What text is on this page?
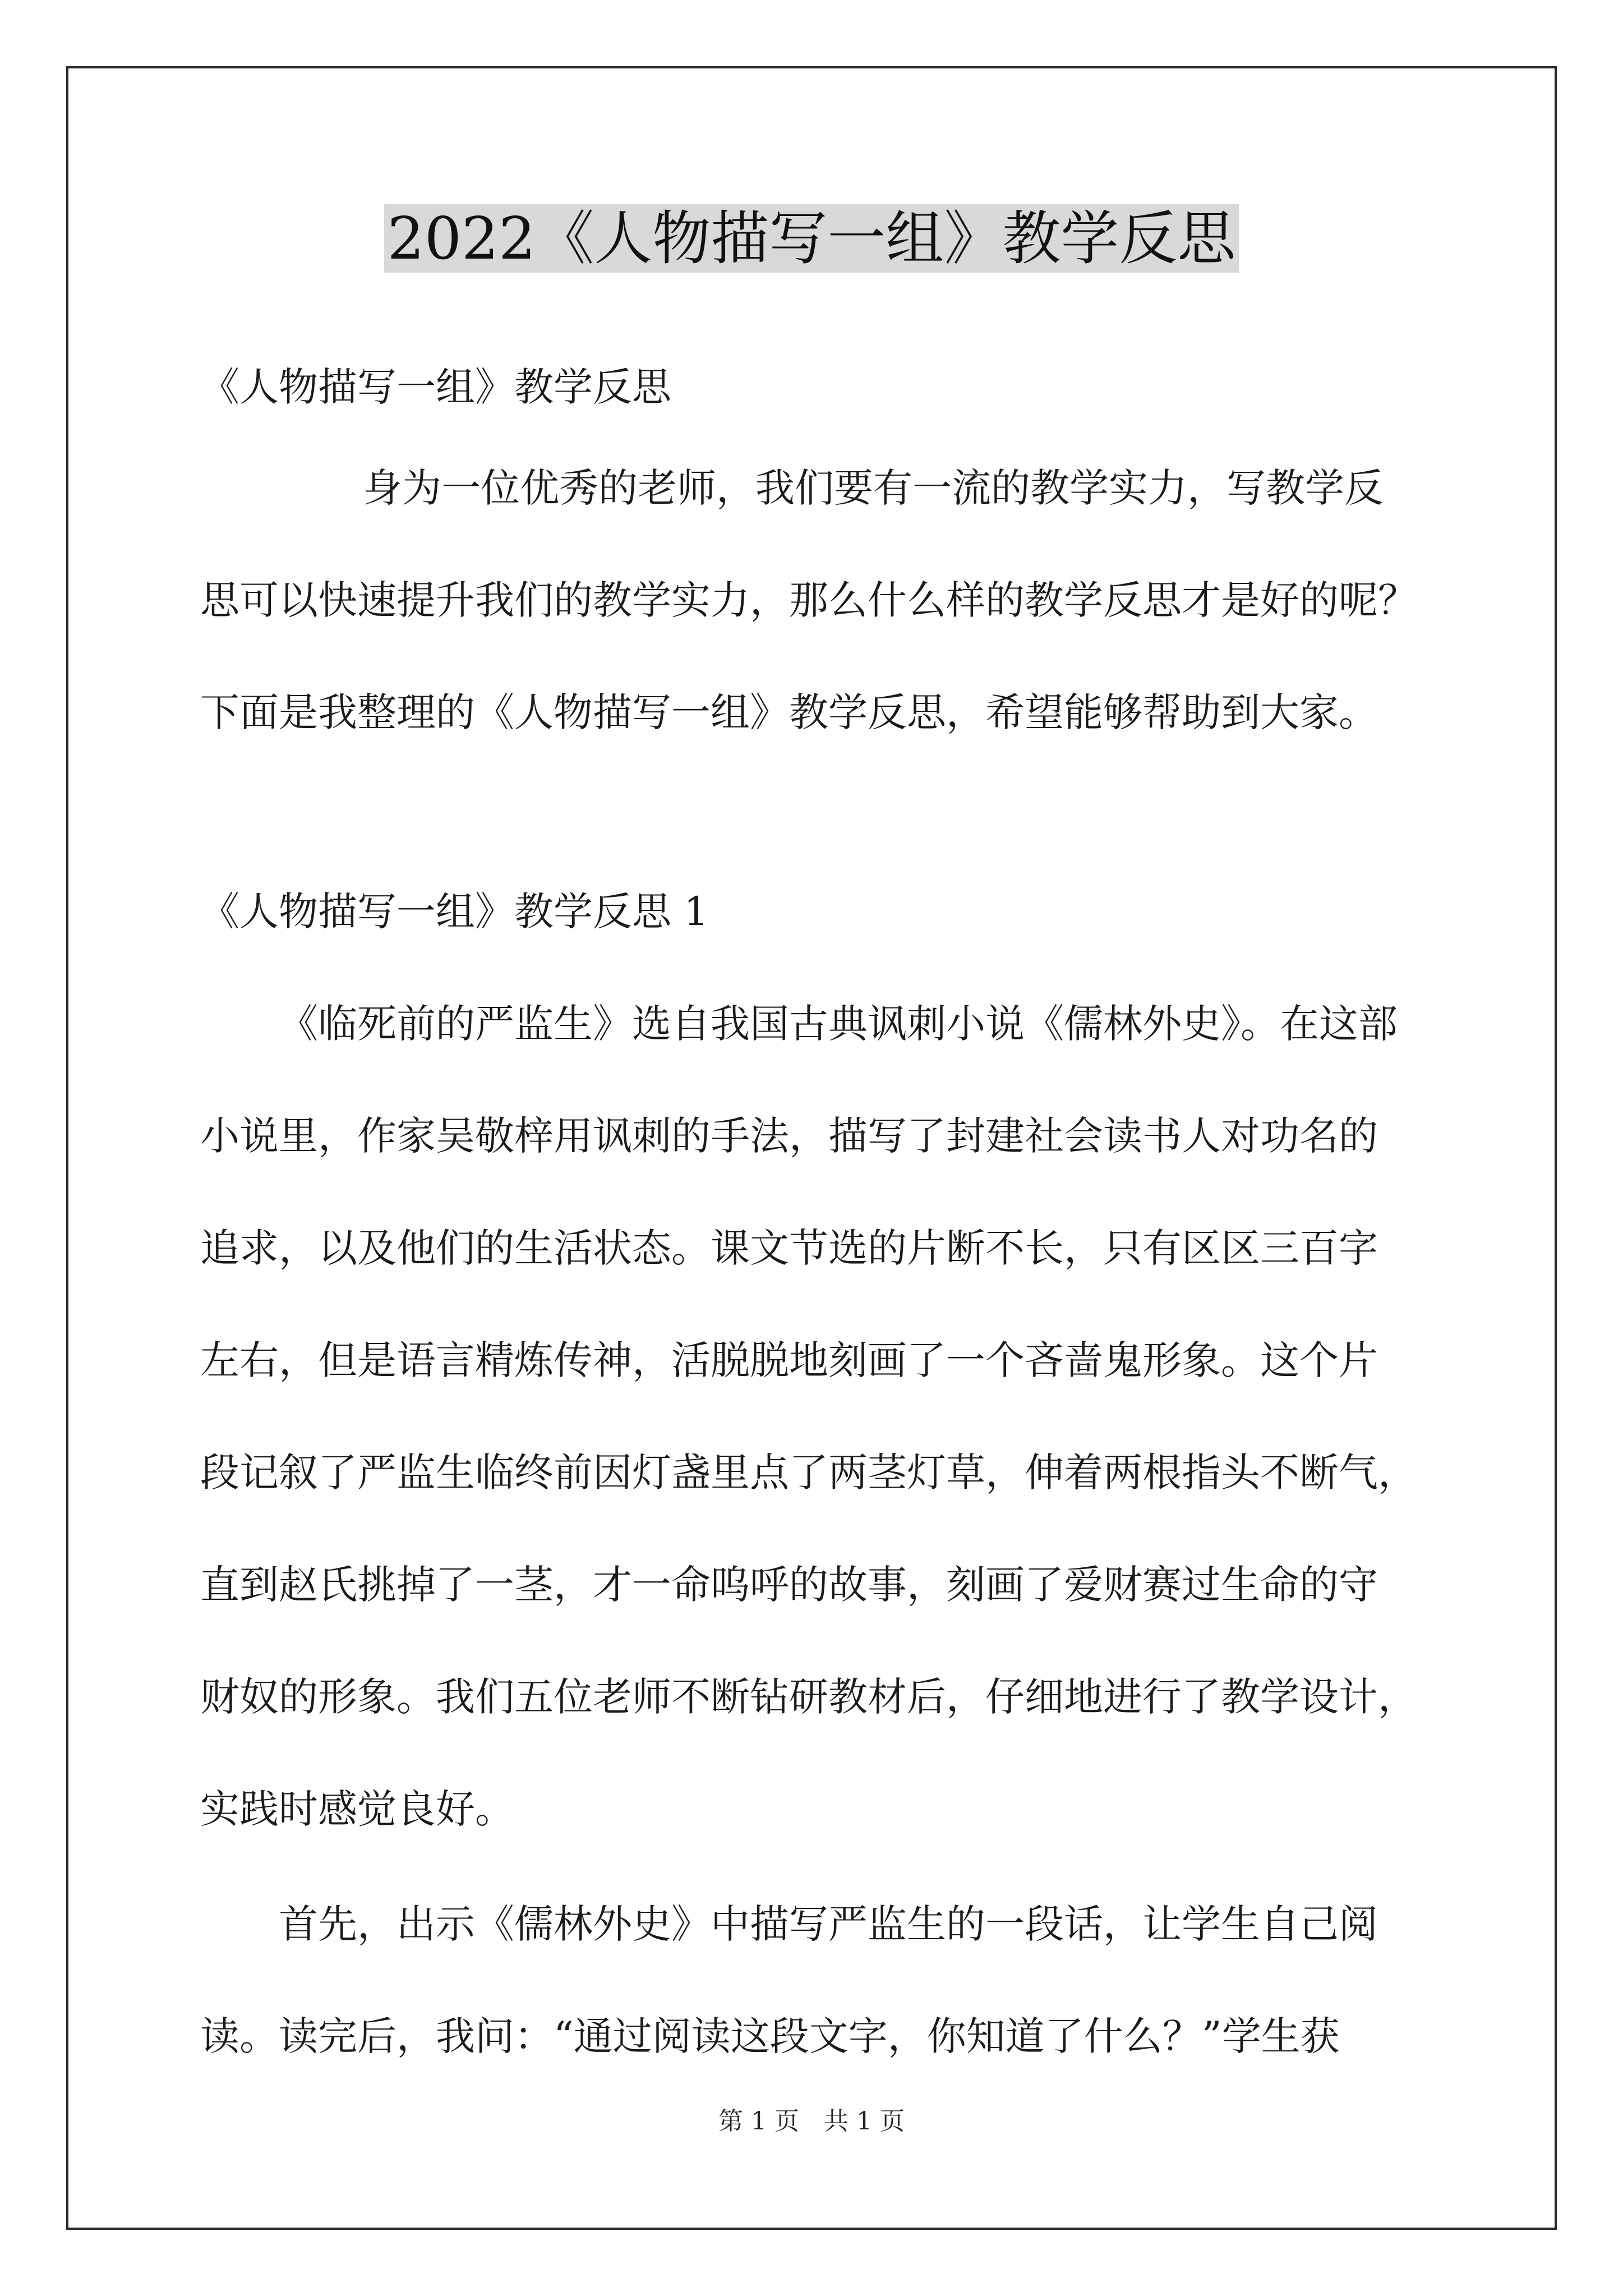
2022《人物描写一组》教学反思

《人物描写一组》教学反思

身为一位优秀的老师，我们要有一流的教学实力，写教学反

思可以快速提升我们的教学实力，那么什么样的教学反思才是好的呢？

下面是我整理的《人物描写一组》教学反思，希望能够帮助到大家。

《人物描写一组》教学反思 1

《临死前的严监生》选自我国古典讽刺小说《儒林外史》。在这部

小说里，作家吴敬梓用讽刺的手法，描写了封建社会读书人对功名的

追求，以及他们的生活状态。课文节选的片断不长，只有区区三百字

左右，但是语言精炼传神，活脱脱地刻画了一个吝啬鬼形象。这个片

段记叙了严监生临终前因灯盏里点了两茎灯草，伸着两根指头不断气，

直到赵氏挑掉了一茎，才一命呜呼的故事，刻画了爱财赛过生命的守

财奴的形象。我们五位老师不断钻研教材后，仔细地进行了教学设计，

实践时感觉良好。

首先，出示《儒林外史》中描写严监生的一段话，让学生自己阅

读。读完后，我问：“通过阅读这段文字，你知道了什么？”学生获

第 1 页　共 1 页
